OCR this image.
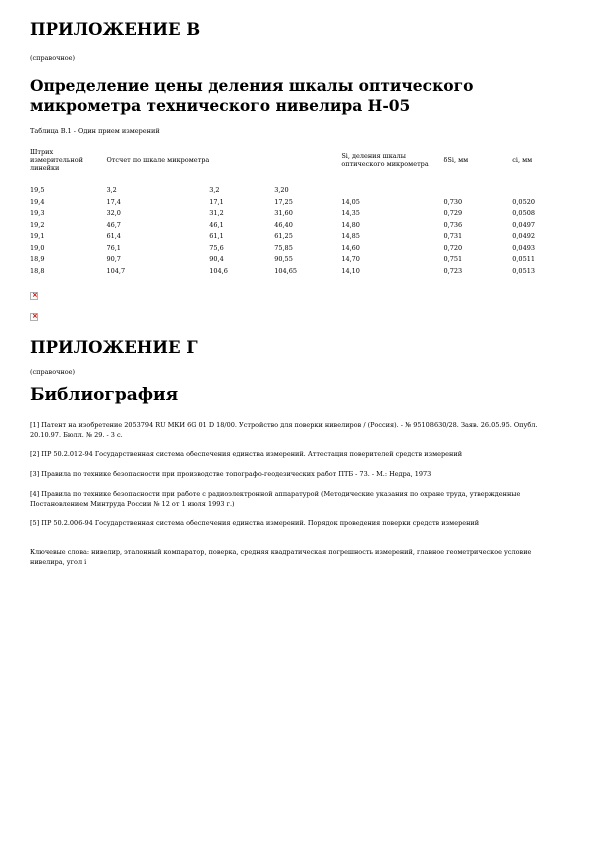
ПРИЛОЖЕНИЕ В
(справочное)
Определение цены деления шкалы оптического микрометра технического нивелира Н-05
Таблица В.1 - Один прием измерений
Штрих измерительной линейки	Отсчет по шкале микрометра			Si, деления шкалы оптического микрометра	δSi, мм	ci, мм
19,5	3,2	3,2	3,20			
19,4	17,4	17,1	17,25	14,05	0,730	0,0520
19,3	32,0	31,2	31,60	14,35	0,729	0,0508
19,2	46,7	46,1	46,40	14,80	0,736	0,0497
19,1	61,4	61,1	61,25	14,85	0,731	0,0492
19,0	76,1	75,6	75,85	14,60	0,720	0,0493
18,9	90,7	90,4	90,55	14,70	0,751	0,0511
18,8	104,7	104,6	104,65	14,10	0,723	0,0513
×
×
ПРИЛОЖЕНИЕ Г
(справочное)
Библиография
[1] Патент на изобретение 2053794 RU МКИ 6G 01 D 18/00. Устройство для поверки нивелиров / (Россия). - № 95108630/28. Заяв. 26.05.95. Опубл. 20.10.97. Бюлл. № 29. - 3 с.
[2] ПР 50.2.012-94 Государственная система обеспечения единства измерений. Аттестация поверителей средств измерений
[3] Правила по технике безопасности при производстве топографо-геодезических работ ПТБ - 73. - М.: Недра, 1973
[4] Правила по технике безопасности при работе с радиоэлектронной аппаратурой (Методические указания по охране труда, утвержденные Постановлением Минтруда России № 12 от 1 июля 1993 г.)
[5] ПР 50.2.006-94 Государственная система обеспечения единства измерений. Порядок проведения поверки средств измерений
Ключевые слова: нивелир, эталонный компаратор, поверка, средняя квадратическая погрешность измерений, главное геометрическое условие нивелира, угол i
